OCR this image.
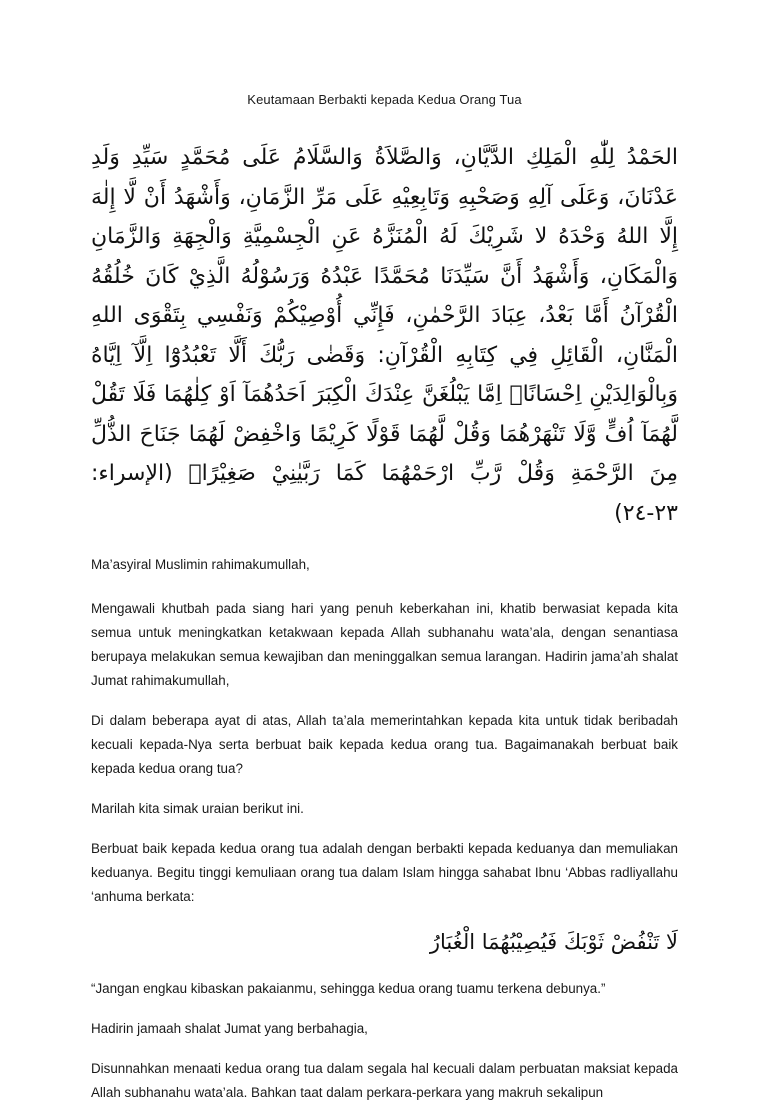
Keutamaan Berbakti kepada Kedua Orang Tua
الحَمْدُ لِلّٰهِ الْمَلِكِ الدَّيَّانِ، وَالصَّلاَةُ وَالسَّلَامُ عَلَى مُحَمَّدٍ سَيِّدِ وَلَدِ عَدْنَانَ، وَعَلَى آلِهِ وَصَحْبِهِ وَتَابِعِيْهِ عَلَى مَرِّ الزَّمَانِ، وَأَشْهَدُ أَنْ لَّا إِلٰهَ إِلَّا اللهُ وَحْدَهُ لا شَرِيْكَ لَهُ الْمُنَزَّهُ عَنِ الْجِسْمِيَّةِ وَالْجِهَةِ وَالزَّمَانِ وَالْمَكَانِ، وَأَشْهَدُ أَنَّ سَيِّدَنَا مُحَمَّدًا عَبْدُهُ وَرَسُوْلُهُ الَّذِيْ كَانَ خُلُقُهُ الْقُرْآنُ أَمَّا بَعْدُ، عِبَادَ الرَّحْمٰنِ، فَإِنِّي أُوْصِيْكُمْ وَنَفْسِي بِتَقْوَى اللهِ الْمَنَّانِ، الْقَائِلِ فِي كِتَابِهِ الْقُرْآنِ: وَقَضٰى رَبُّكَ أَلَّا تَعْبُدُوْٓا اِلَّآ اِيَّاهُ وَبِالْوَالِدَيْنِ اِحْسَانًاۗ اِمَّا يَبْلُغَنَّ عِنْدَكَ الْكِبَرَ اَحَدُهُمَآ اَوْ كِلٰهُمَا فَلَا تَقُلْ لَّهُمَآ اُفٍّ وَّلَا تَنْهَرْهُمَا وَقُلْ لَّهُمَا قَوْلًا كَرِيْمًا وَاخْفِضْ لَهُمَا جَنَاحَ الذُّلِّ مِنَ الرَّحْمَةِ وَقُلْ رَّبِّ ارْحَمْهُمَا كَمَا رَبَّيٰنِيْ صَغِيْرًاۗ (الإسراء: ٢٣-٢٤)

Ma’asyiral Muslimin rahimakumullah,

Mengawali khutbah pada siang hari yang penuh keberkahan ini, khatib berwasiat kepada kita semua untuk meningkatkan ketakwaan kepada Allah subhanahu wata’ala, dengan senantiasa berupaya melakukan semua kewajiban dan meninggalkan semua larangan. Hadirin jama’ah shalat Jumat rahimakumullah,

Di dalam beberapa ayat di atas, Allah ta’ala memerintahkan kepada kita untuk tidak beribadah kecuali kepada-Nya serta berbuat baik kepada kedua orang tua. Bagaimanakah berbuat baik kepada kedua orang tua?

Marilah kita simak uraian berikut ini.

Berbuat baik kepada kedua orang tua adalah dengan berbakti kepada keduanya dan memuliakan keduanya. Begitu tinggi kemuliaan orang tua dalam Islam hingga sahabat Ibnu ‘Abbas radliyallahu ‘anhuma berkata:

لَا تَنْفُضْ ثَوْبَكَ فَيُصِيْبُهُمَا الْغُبَارُ

“Jangan engkau kibaskan pakaianmu, sehingga kedua orang tuamu terkena debunya.”

Hadirin jamaah shalat Jumat yang berbahagia,

Disunnahkan menaati kedua orang tua dalam segala hal kecuali dalam perbuatan maksiat kepada Allah subhanahu wata’ala. Bahkan taat dalam perkara-perkara yang makruh sekalipun
